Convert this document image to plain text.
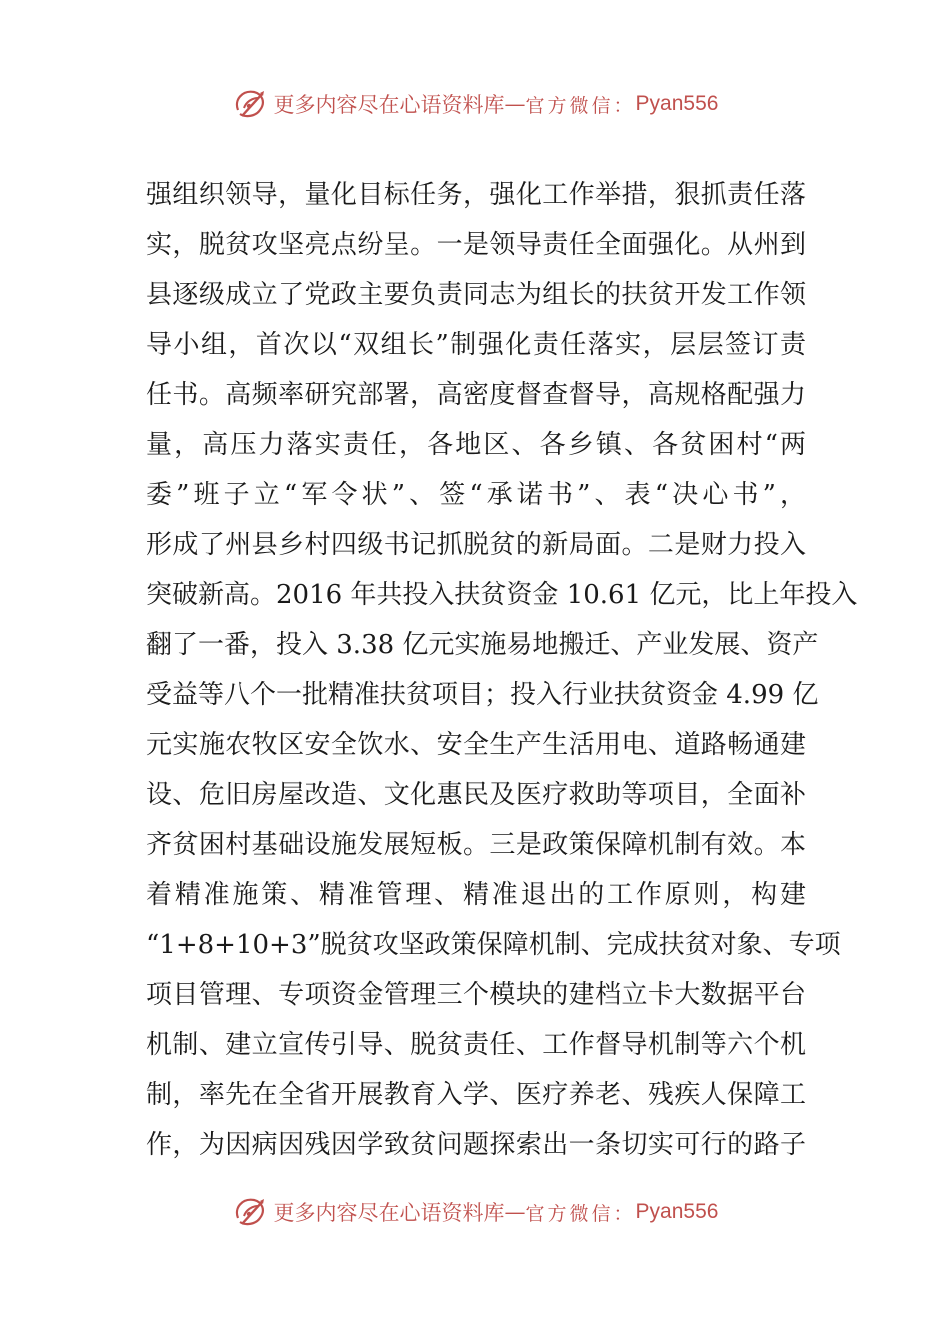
更多内容尽在心语资料库 — 官方微信： Pyan556
强组织领导，量化目标任务，强化工作举措，狠抓责任落
实，脱贫攻坚亮点纷呈。一是领导责任全面强化。从州到
县逐级成立了党政主要负责同志为组长的扶贫开发工作领
导小组，首次以“双组长”制强化责任落实，层层签订责
任书。高频率研究部署，高密度督查督导，高规格配强力
量，高压力落实责任，各地区、各乡镇、各贫困村“两
委”班子立“军令状”、签“承诺书”、表“决心书”，
形成了州县乡村四级书记抓脱贫的新局面。二是财力投入
突破新高。2016 年共投入扶贫资金 10.61 亿元，比上年投入
翻了一番，投入 3.38 亿元实施易地搬迁、产业发展、资产
受益等八个一批精准扶贫项目；投入行业扶贫资金 4.99 亿
元实施农牧区安全饮水、安全生产生活用电、道路畅通建
设、危旧房屋改造、文化惠民及医疗救助等项目，全面补
齐贫困村基础设施发展短板。三是政策保障机制有效。本
着精准施策、精准管理、精准退出的工作原则，构建
“1+8+10+3”脱贫攻坚政策保障机制、完成扶贫对象、专项
项目管理、专项资金管理三个模块的建档立卡大数据平台
机制、建立宣传引导、脱贫责任、工作督导机制等六个机
制，率先在全省开展教育入学、医疗养老、残疾人保障工
作，为因病因残因学致贫问题探索出一条切实可行的路子
更多内容尽在心语资料库 — 官方微信： Pyan556
